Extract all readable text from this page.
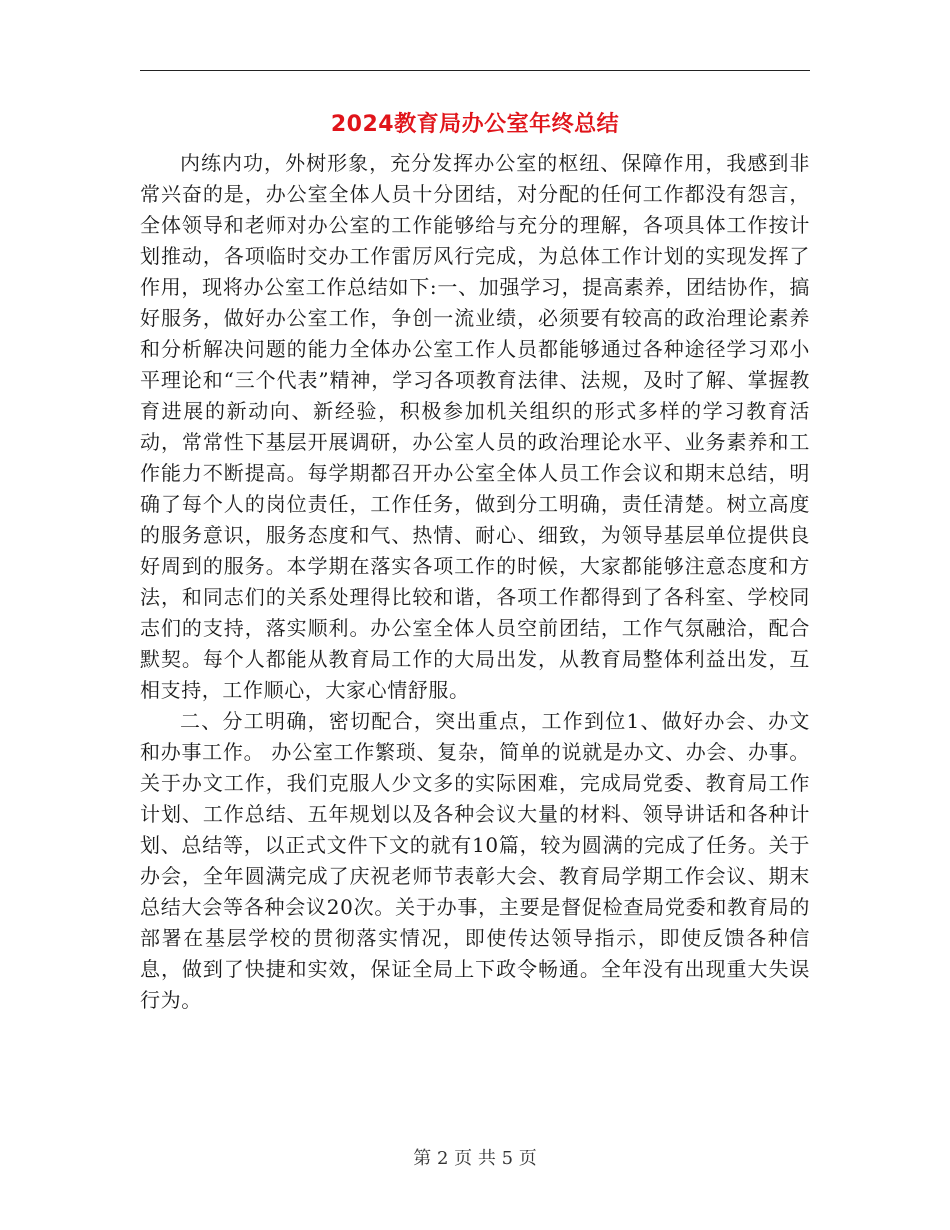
2024教育局办公室年终总结

内练内功，外树形象，充分发挥办公室的枢纽、保障作用，我感到非常兴奋的是，办公室全体人员十分团结，对分配的任何工作都没有怨言，全体领导和老师对办公室的工作能够给与充分的理解，各项具体工作按计划推动，各项临时交办工作雷厉风行完成，为总体工作计划的实现发挥了作用，现将办公室工作总结如下:一、加强学习，提高素养，团结协作，搞好服务，做好办公室工作，争创一流业绩，必须要有较高的政治理论素养和分析解决问题的能力全体办公室工作人员都能够通过各种途径学习邓小平理论和“三个代表”精神，学习各项教育法律、法规，及时了解、掌握教育进展的新动向、新经验，积极参加机关组织的形式多样的学习教育活动，常常性下基层开展调研，办公室人员的政治理论水平、业务素养和工作能力不断提高。每学期都召开办公室全体人员工作会议和期末总结，明确了每个人的岗位责任，工作任务，做到分工明确，责任清楚。树立高度的服务意识，服务态度和气、热情、耐心、细致，为领导基层单位提供良好周到的服务。本学期在落实各项工作的时候，大家都能够注意态度和方法，和同志们的关系处理得比较和谐，各项工作都得到了各科室、学校同志们的支持，落实顺利。办公室全体人员空前团结，工作气氛融洽，配合默契。每个人都能从教育局工作的大局出发，从教育局整体利益出发，互相支持，工作顺心，大家心情舒服。

二、分工明确，密切配合，突出重点，工作到位1、做好办会、办文和办事工作。 办公室工作繁琐、复杂，简单的说就是办文、办会、办事。关于办文工作，我们克服人少文多的实际困难，完成局党委、教育局工作计划、工作总结、五年规划以及各种会议大量的材料、领导讲话和各种计划、总结等，以正式文件下文的就有10篇，较为圆满的完成了任务。关于办会，全年圆满完成了庆祝老师节表彰大会、教育局学期工作会议、期末总结大会等各种会议20次。关于办事，主要是督促检查局党委和教育局的部署在基层学校的贯彻落实情况，即使传达领导指示，即使反馈各种信息，做到了快捷和实效，保证全局上下政令畅通。全年没有出现重大失误行为。

第 2 页 共 5 页
